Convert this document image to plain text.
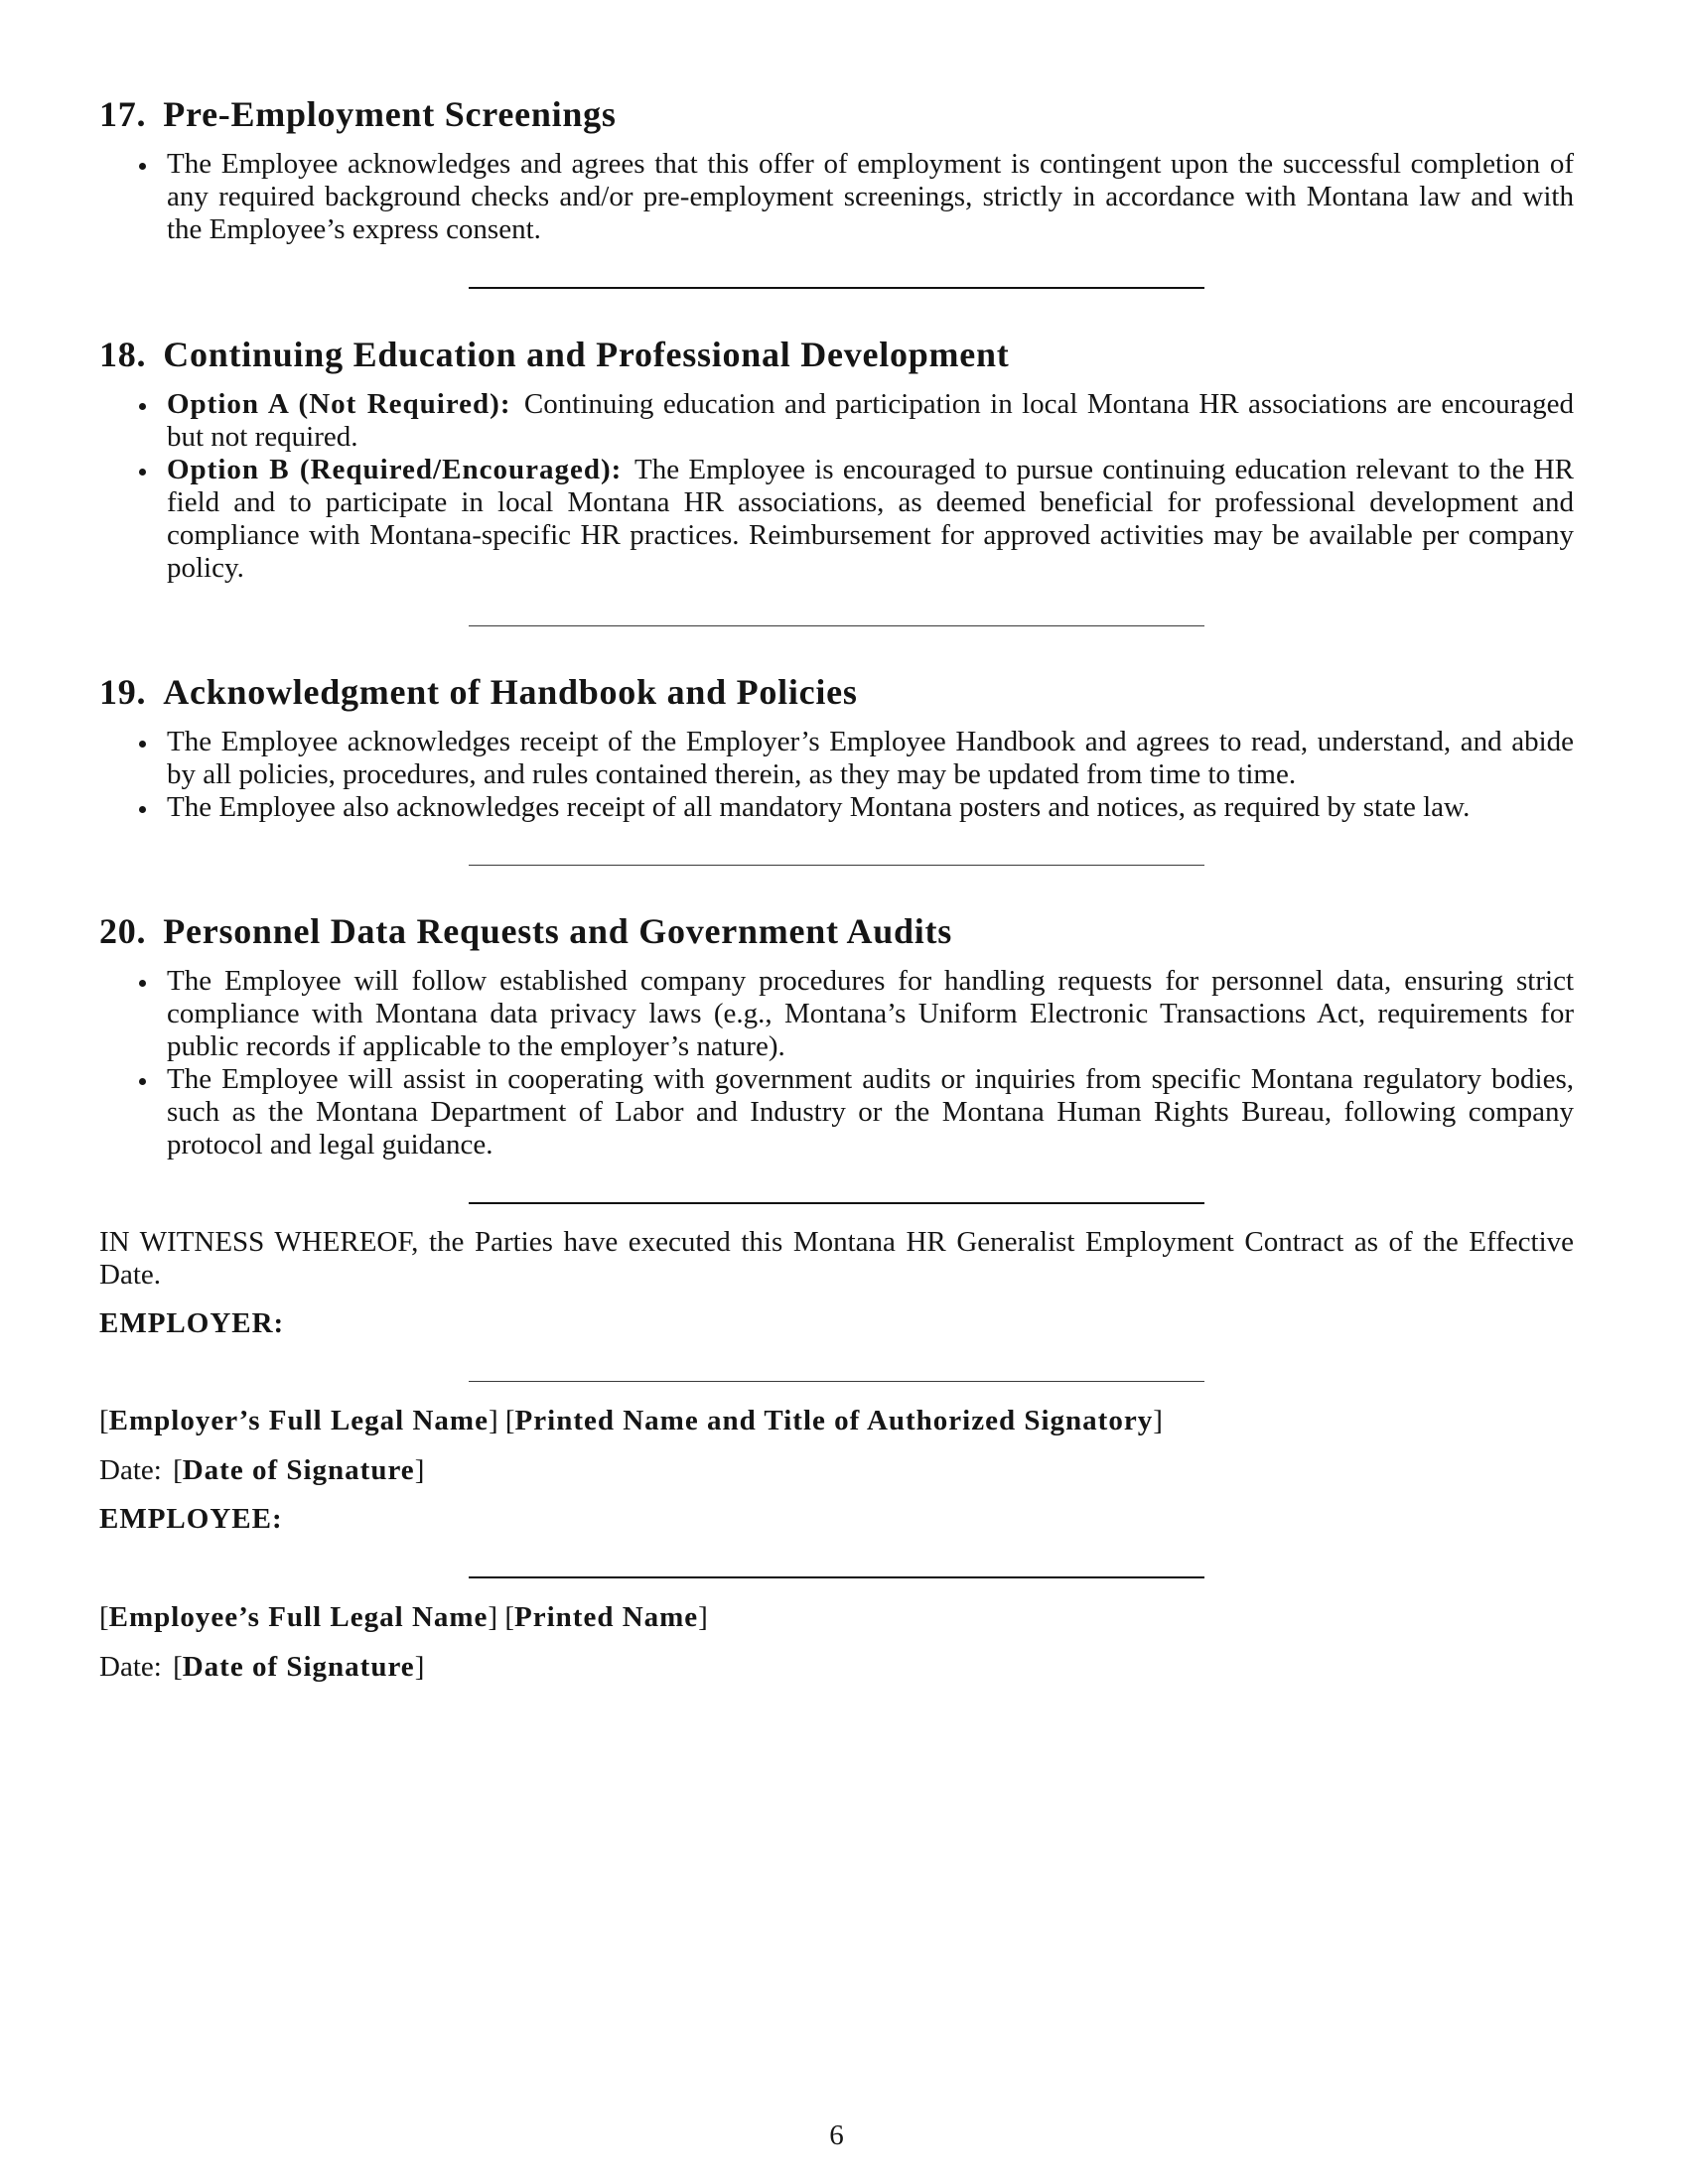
17. Pre-Employment Screenings
The Employee acknowledges and agrees that this offer of employment is contingent upon the successful completion of any required background checks and/or pre-employment screenings, strictly in accordance with Montana law and with the Employee’s express consent.
18. Continuing Education and Professional Development
Option A (Not Required): Continuing education and participation in local Montana HR associations are encouraged but not required.
Option B (Required/Encouraged): The Employee is encouraged to pursue continuing education relevant to the HR field and to participate in local Montana HR associations, as deemed beneficial for professional development and compliance with Montana-specific HR practices. Reimbursement for approved activities may be available per company policy.
19. Acknowledgment of Handbook and Policies
The Employee acknowledges receipt of the Employer’s Employee Handbook and agrees to read, understand, and abide by all policies, procedures, and rules contained therein, as they may be updated from time to time.
The Employee also acknowledges receipt of all mandatory Montana posters and notices, as required by state law.
20. Personnel Data Requests and Government Audits
The Employee will follow established company procedures for handling requests for personnel data, ensuring strict compliance with Montana data privacy laws (e.g., Montana’s Uniform Electronic Transactions Act, requirements for public records if applicable to the employer’s nature).
The Employee will assist in cooperating with government audits or inquiries from specific Montana regulatory bodies, such as the Montana Department of Labor and Industry or the Montana Human Rights Bureau, following company protocol and legal guidance.

IN WITNESS WHEREOF, the Parties have executed this Montana HR Generalist Employment Contract as of the Effective Date.

EMPLOYER:

[Employer’s Full Legal Name] [Printed Name and Title of Authorized Signatory]

Date: [Date of Signature]

EMPLOYEE:

[Employee’s Full Legal Name] [Printed Name]

Date: [Date of Signature]

6
